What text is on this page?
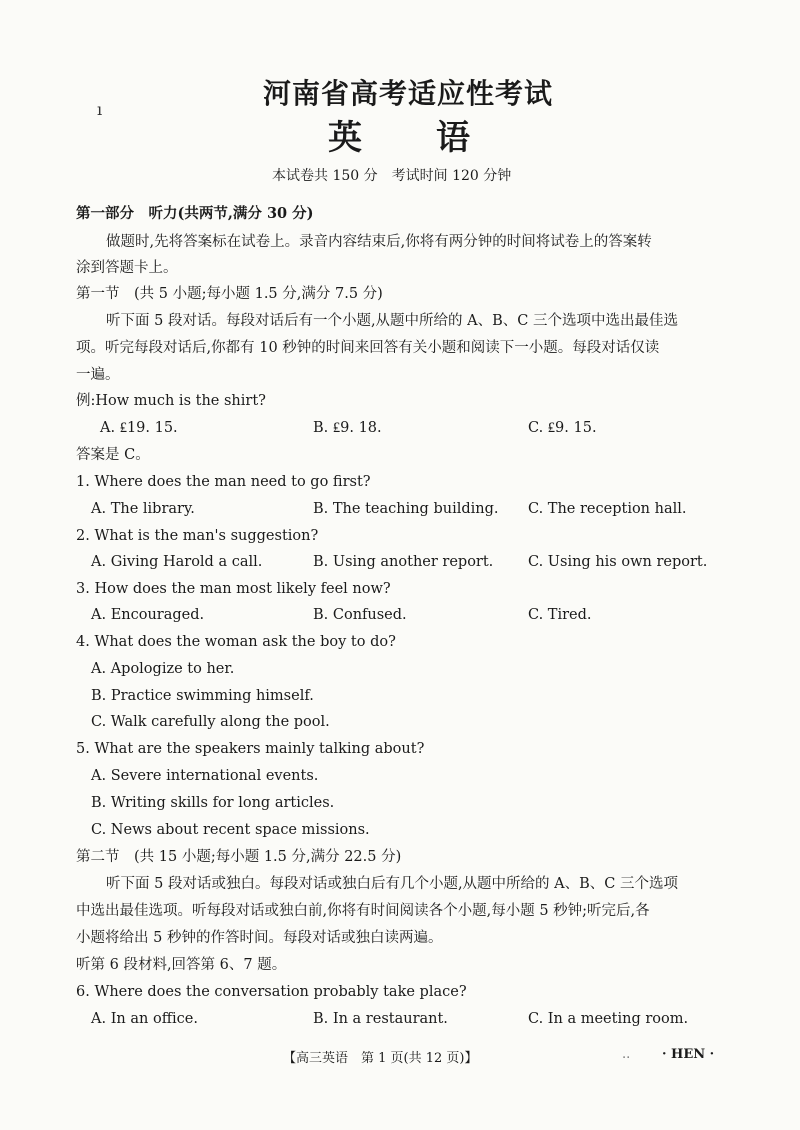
ı	河南省高考适应性考试
英 语
本试卷共 150 分　考试时间 120 分钟
第一部分　听力(共两节,满分 30 分)
做题时,先将答案标在试卷上。录音内容结束后,你将有两分钟的时间将试卷上的答案转
涂到答题卡上。
第一节　(共 5 小题;每小题 1.5 分,满分 7.5 分)
听下面 5 段对话。每段对话后有一个小题,从题中所给的 A、B、C 三个选项中选出最佳选
项。听完每段对话后,你都有 10 秒钟的时间来回答有关小题和阅读下一小题。每段对话仅读
一遍。
例:How much is the shirt?
A. ₤19. 15.	B. ₤9. 18.	C. ₤9. 15.
答案是 C。
1. Where does the man need to go first?
A. The library.	B. The teaching building. C. The reception hall.
2. What is the man's suggestion?
A. Giving Harold a call.	B. Using another report. C. Using his own report.
3. How does the man most likely feel now?
A. Encouraged.	B. Confused.	C. Tired.
4. What does the woman ask the boy to do?
A. Apologize to her.
B. Practice swimming himself.
C. Walk carefully along the pool.
5. What are the speakers mainly talking about?
A. Severe international events.
B. Writing skills for long articles.
C. News about recent space missions.
第二节　(共 15 小题;每小题 1.5 分,满分 22.5 分)
听下面 5 段对话或独白。每段对话或独白后有几个小题,从题中所给的 A、B、C 三个选项
中选出最佳选项。听每段对话或独白前,你将有时间阅读各个小题,每小题 5 秒钟;听完后,各
小题将给出 5 秒钟的作答时间。每段对话或独白读两遍。
听第 6 段材料,回答第 6、7 题。
6. Where does the conversation probably take place?
A. In an office.	B. In a restaurant.	C. In a meeting room.
【高三英语　第 1 页(共 12 页)】	.. · HEN ·
